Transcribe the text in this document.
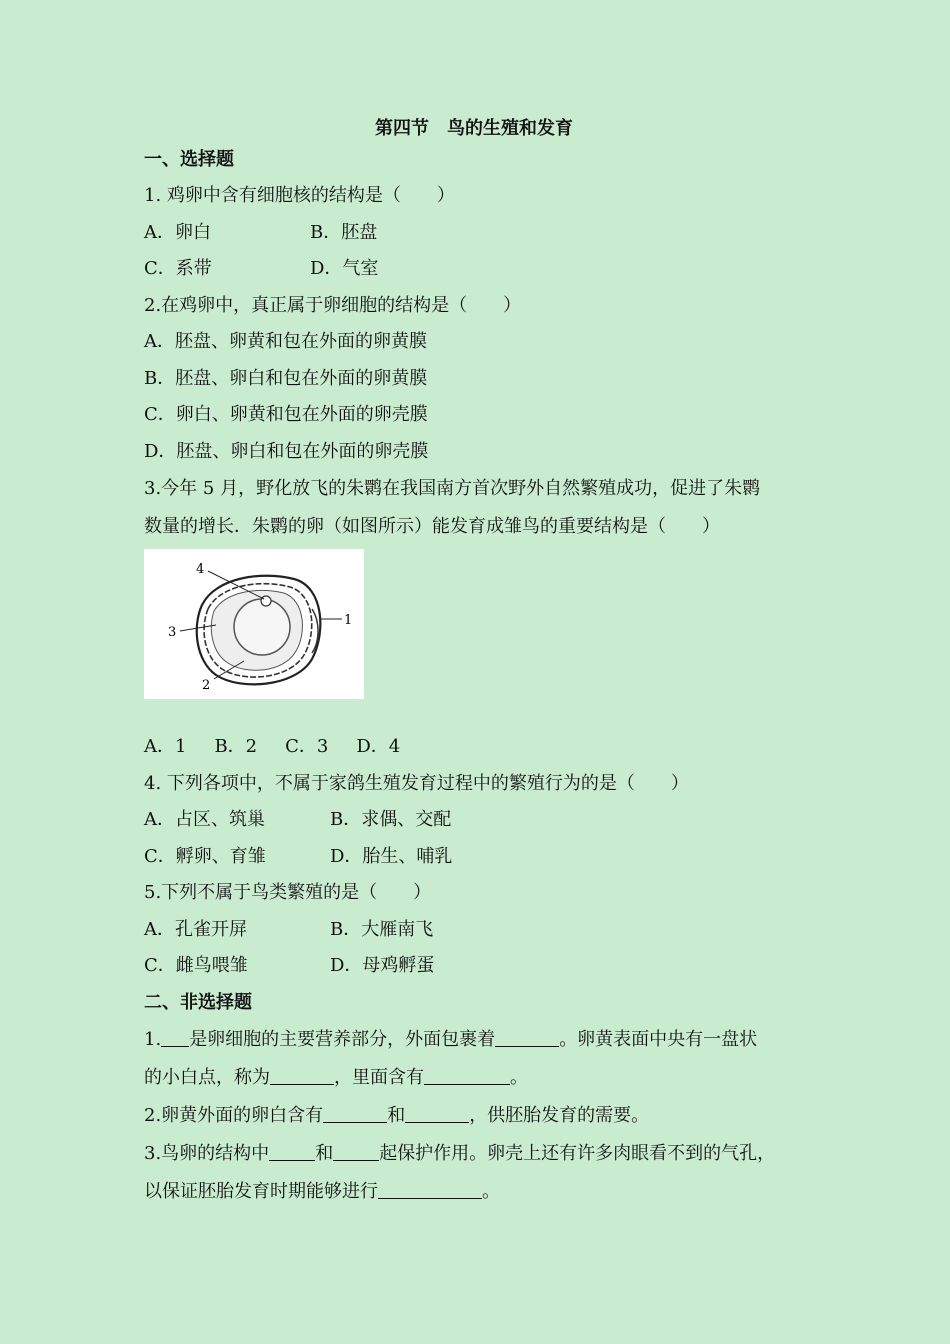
第四节 鸟的生殖和发育
一、选择题
1. 鸡卵中含有细胞核的结构是（　　）
A．卵白	B．胚盘
C．系带	D．气室
2.在鸡卵中，真正属于卵细胞的结构是（　　）
A．胚盘、卵黄和包在外面的卵黄膜
B．胚盘、卵白和包在外面的卵黄膜
C．卵白、卵黄和包在外面的卵壳膜
D．胚盘、卵白和包在外面的卵壳膜
3.今年 5 月，野化放飞的朱鹮在我国南方首次野外自然繁殖成功，促进了朱鹮
数量的增长．朱鹮的卵（如图所示）能发育成雏鸟的重要结构是（　　）
4
3
1
2
A．1 B．2 C．3 D．4
4. 下列各项中，不属于家鸽生殖发育过程中的繁殖行为的是（　　）
A．占区、筑巢	B．求偶、交配
C．孵卵、育雏	D．胎生、哺乳
5.下列不属于鸟类繁殖的是（　　）
A．孔雀开屏	B．大雁南飞
C．雌鸟喂雏	D．母鸡孵蛋
二、非选择题
1. 是卵细胞的主要营养部分，外面包裹着	。卵黄表面中央有一盘状
的小白点，称为	，里面含有	。
2.卵黄外面的卵白含有	和	，供胚胎发育的需要。
3.鸟卵的结构中	和	起保护作用。卵壳上还有许多肉眼看不到的气孔，
以保证胚胎发育时期能够进行	。
